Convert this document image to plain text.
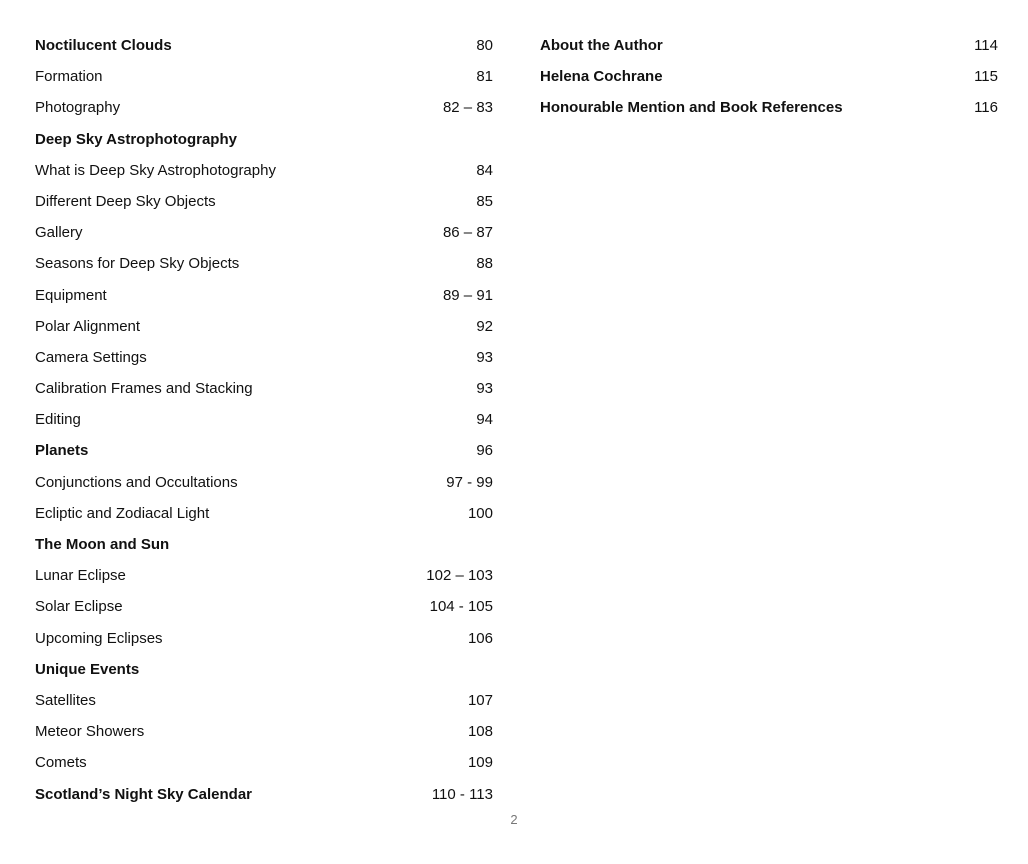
Noctilucent Clouds	80
Formation	81
Photography	82 – 83
Deep Sky Astrophotography
What is Deep Sky Astrophotography	84
Different Deep Sky Objects	85
Gallery	86 – 87
Seasons for Deep Sky Objects	88
Equipment	89 – 91
Polar Alignment	92
Camera Settings	93
Calibration Frames and Stacking	93
Editing	94
Planets	96
Conjunctions and Occultations	97 - 99
Ecliptic and Zodiacal Light	100
The Moon and Sun
Lunar Eclipse	102 – 103
Solar Eclipse	104 - 105
Upcoming Eclipses	106
Unique Events
Satellites	107
Meteor Showers	108
Comets	109
Scotland’s Night Sky Calendar	110 - 113
About the Author	114
Helena Cochrane	115
Honourable Mention and Book References	116
2
